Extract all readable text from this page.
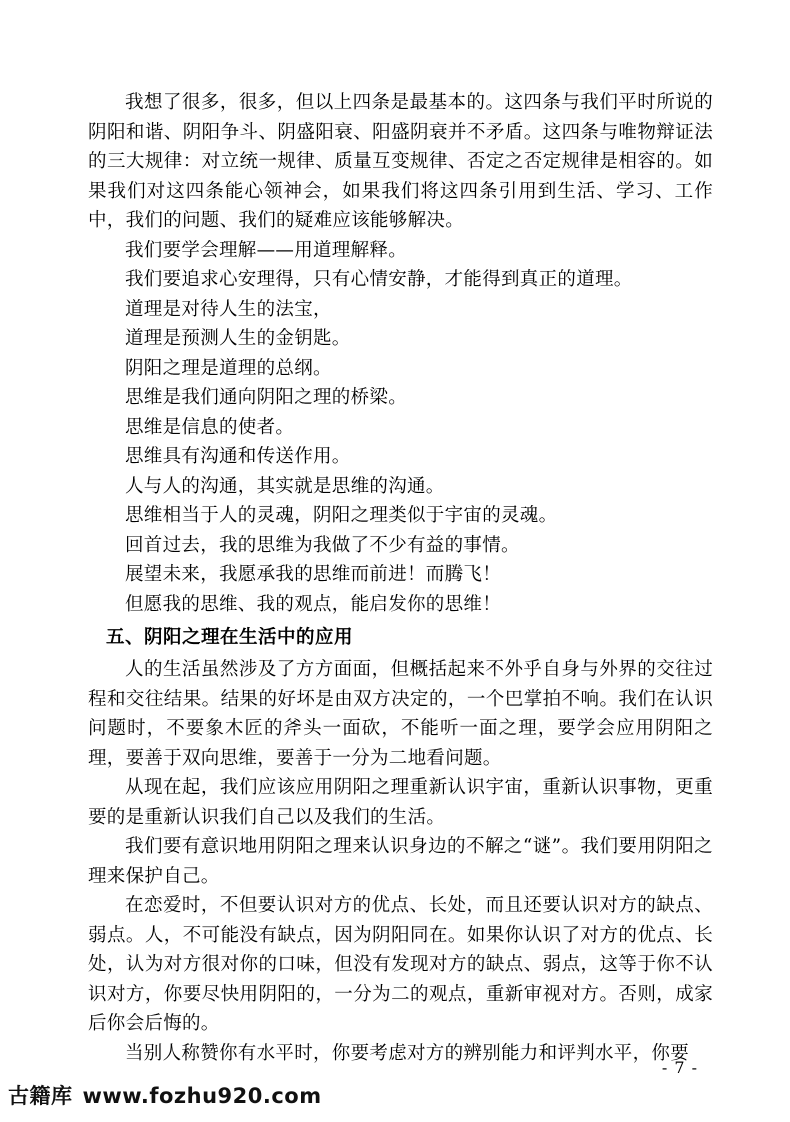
我想了很多，很多，但以上四条是最基本的。这四条与我们平时所说的阴阳和谐、阴阳争斗、阴盛阳衰、阳盛阴衰并不矛盾。这四条与唯物辩证法的三大规律：对立统一规律、质量互变规律、否定之否定规律是相容的。如果我们对这四条能心领神会，如果我们将这四条引用到生活、学习、工作中，我们的问题、我们的疑难应该能够解决。

我们要学会理解——用道理解释。

我们要追求心安理得，只有心情安静，才能得到真正的道理。

道理是对待人生的法宝，

道理是预测人生的金钥匙。

阴阳之理是道理的总纲。

思维是我们通向阴阳之理的桥梁。

思维是信息的使者。

思维具有沟通和传送作用。

人与人的沟通，其实就是思维的沟通。

思维相当于人的灵魂，阴阳之理类似于宇宙的灵魂。

回首过去，我的思维为我做了不少有益的事情。

展望未来，我愿承我的思维而前进！而腾飞！

但愿我的思维、我的观点，能启发你的思维！

五、阴阳之理在生活中的应用

人的生活虽然涉及了方方面面，但概括起来不外乎自身与外界的交往过程和交往结果。结果的好坏是由双方决定的，一个巴掌拍不响。我们在认识问题时，不要象木匠的斧头一面砍，不能听一面之理，要学会应用阴阳之理，要善于双向思维，要善于一分为二地看问题。

从现在起，我们应该应用阴阳之理重新认识宇宙，重新认识事物，更重要的是重新认识我们自己以及我们的生活。

我们要有意识地用阴阳之理来认识身边的不解之“谜”。我们要用阴阳之理来保护自己。

在恋爱时，不但要认识对方的优点、长处，而且还要认识对方的缺点、弱点。人，不可能没有缺点，因为阴阳同在。如果你认识了对方的优点、长处，认为对方很对你的口味，但没有发现对方的缺点、弱点，这等于你不认识对方，你要尽快用阴阳的，一分为二的观点，重新审视对方。否则，成家后你会后悔的。

当别人称赞你有水平时，你要考虑对方的辨别能力和评判水平，你要

- 7 -
古籍库 www.fozhu920.com
